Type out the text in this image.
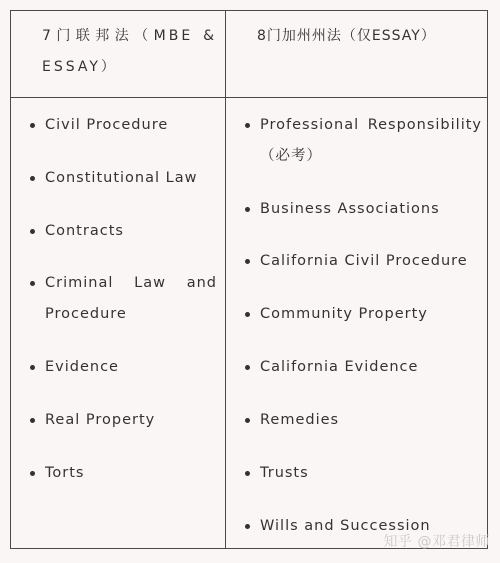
7门联邦法（MBE & ESSAY）
8门加州州法（仅ESSAY）
Civil Procedure
Constitutional Law
Contracts
Criminal Law and Procedure
Evidence
Real Property
Torts
Professional Responsibility（必考）
Business Associations
California Civil Procedure
Community Property
California Evidence
Remedies
Trusts
Wills and Succession
知乎 @邓君律师
